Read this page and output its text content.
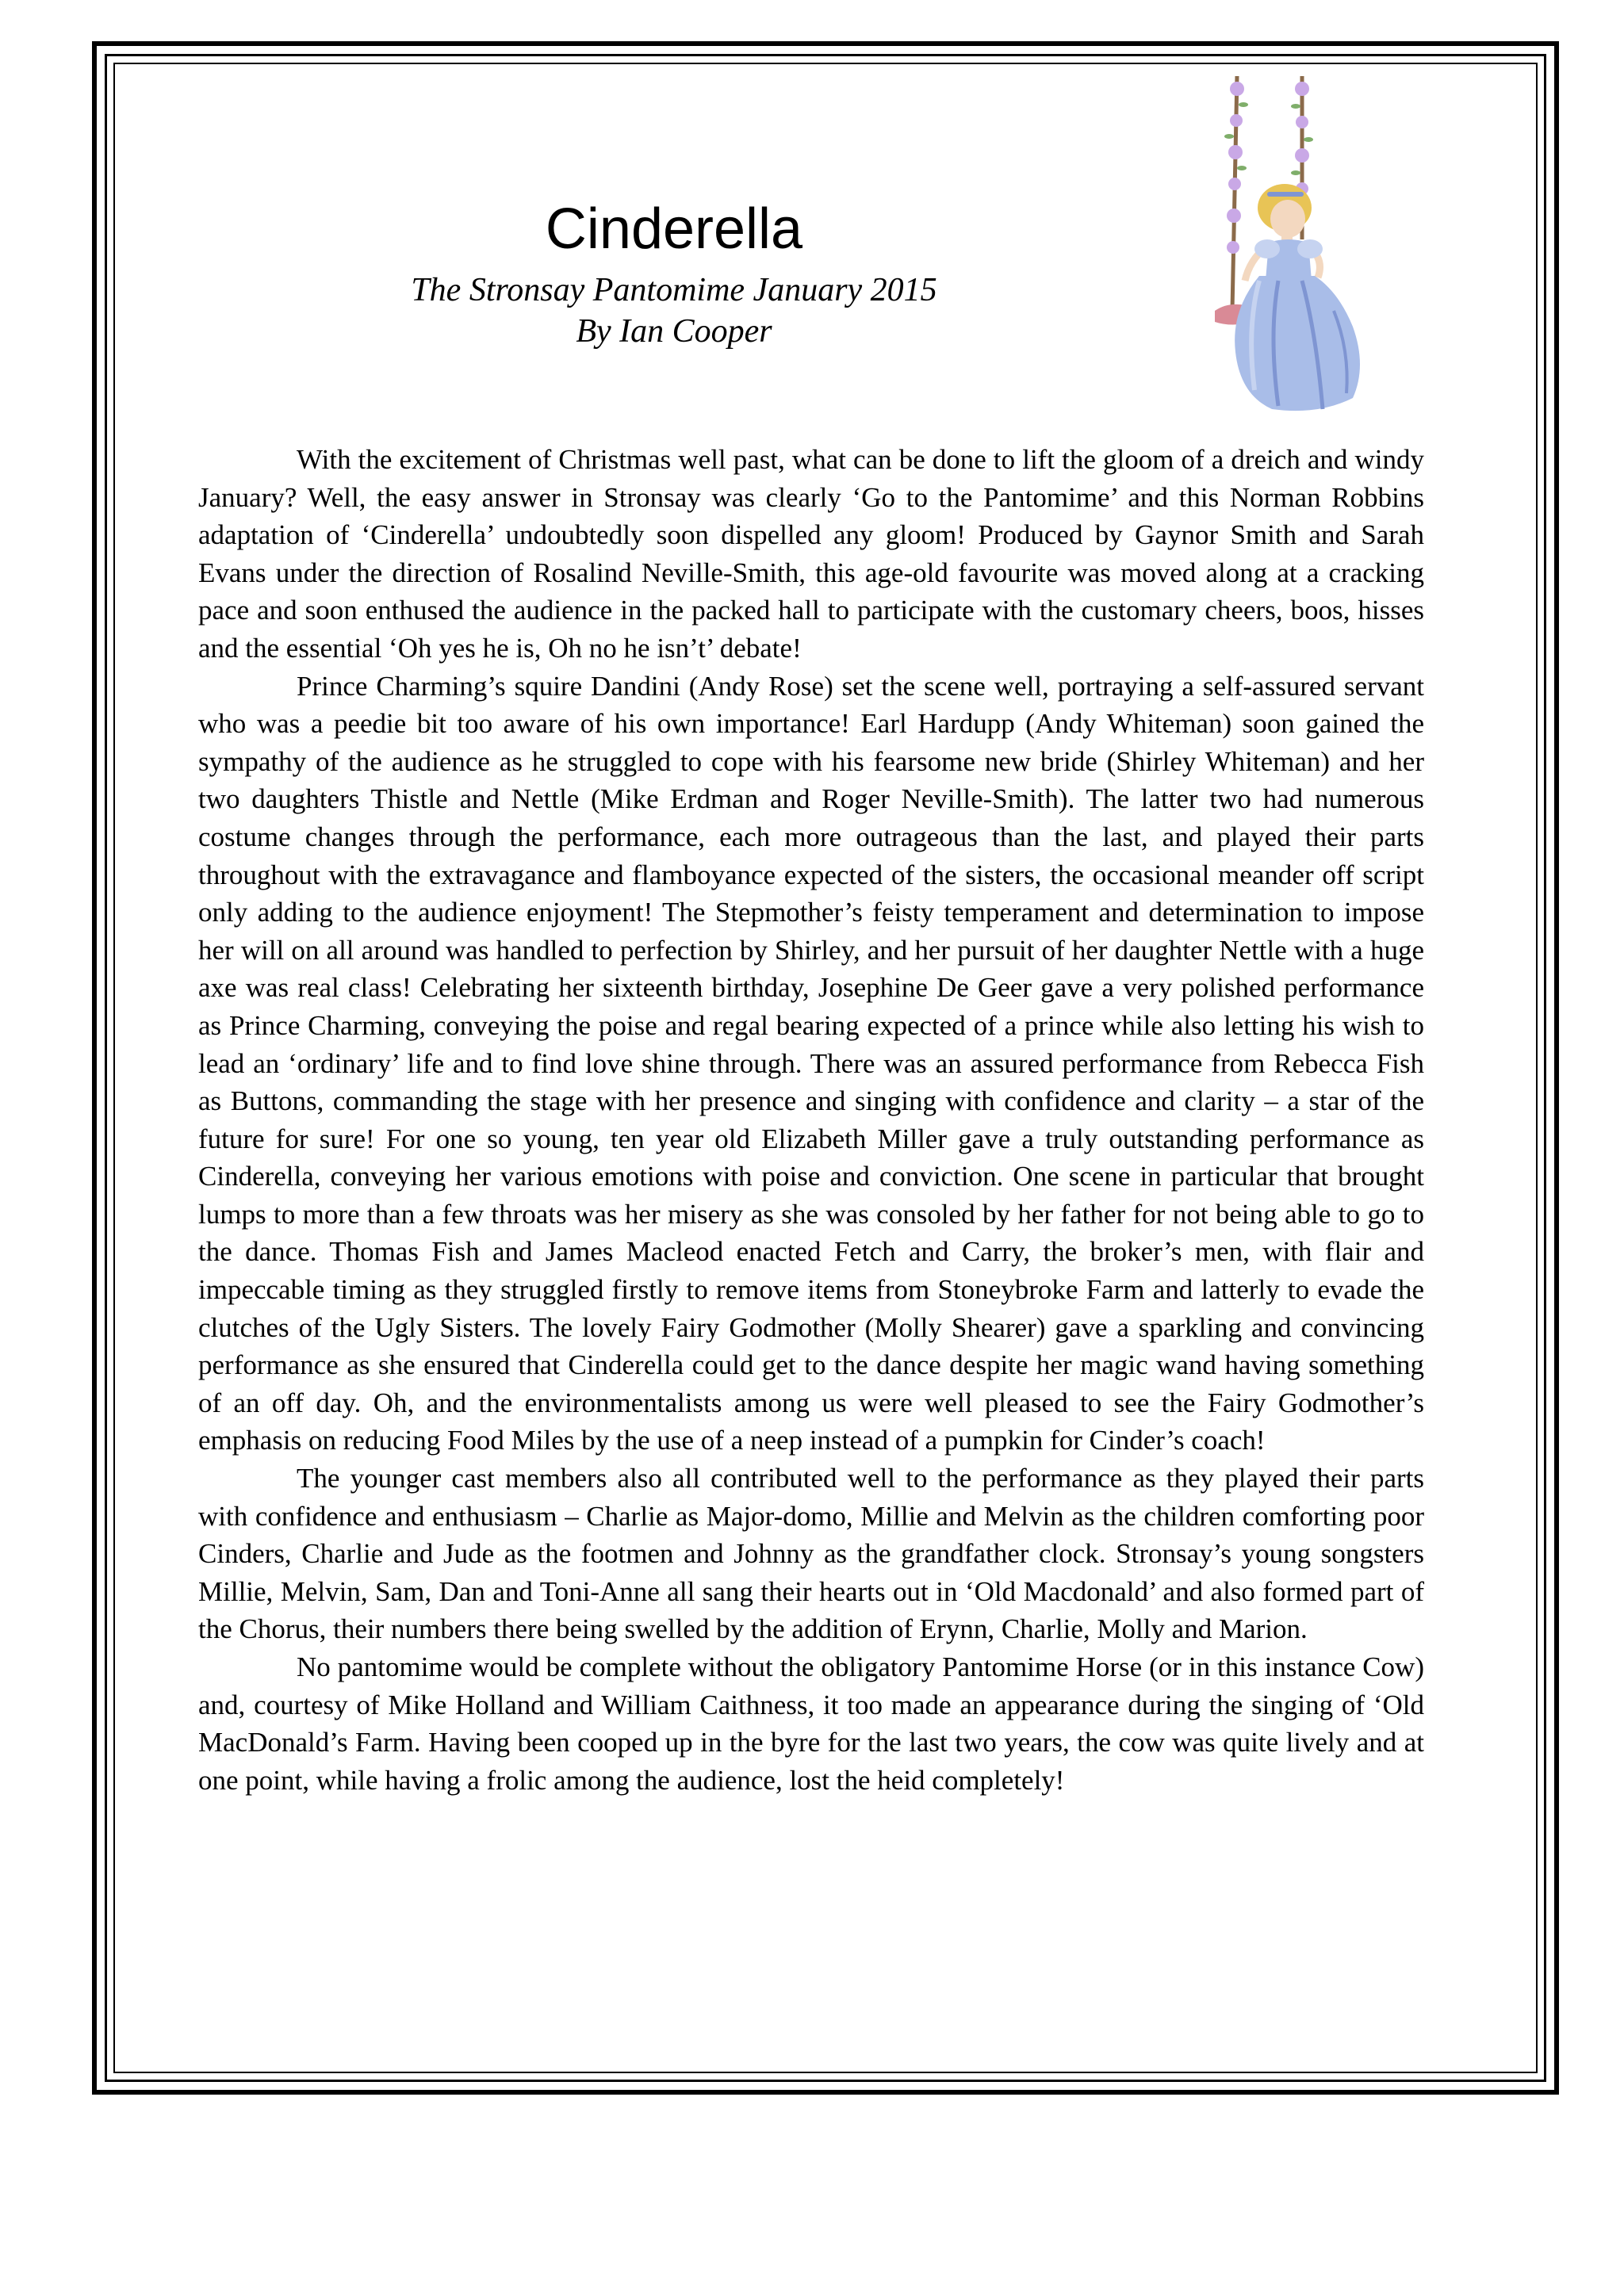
Cinderella
The Stronsay Pantomime January 2015
By Ian Cooper

With the excitement of Christmas well past, what can be done to lift the gloom of a dreich and windy January? Well, the easy answer in Stronsay was clearly ‘Go to the Pantomime’ and this Norman Robbins adaptation of ‘Cinderella’ undoubtedly soon dispelled any gloom! Produced by Gaynor Smith and Sarah Evans under the direction of Rosalind Neville-Smith, this age-old favourite was moved along at a cracking pace and soon enthused the audience in the packed hall to participate with the customary cheers, boos, hisses and the essential ‘Oh yes he is, Oh no he isn’t’ debate!

Prince Charming’s squire Dandini (Andy Rose) set the scene well, portraying a self-assured servant who was a peedie bit too aware of his own importance! Earl Hardupp (Andy Whiteman) soon gained the sympathy of the audience as he struggled to cope with his fearsome new bride (Shirley Whiteman) and her two daughters Thistle and Nettle (Mike Erdman and Roger Neville-Smith). The latter two had numerous costume changes through the performance, each more outrageous than the last, and played their parts throughout with the extravagance and flamboyance expected of the sisters, the occasional meander off script only adding to the audience enjoyment! The Stepmother’s feisty temperament and determination to impose her will on all around was handled to perfection by Shirley, and her pursuit of her daughter Nettle with a huge axe was real class! Celebrating her sixteenth birthday, Josephine De Geer gave a very polished performance as Prince Charming, conveying the poise and regal bearing expected of a prince while also letting his wish to lead an ‘ordinary’ life and to find love shine through. There was an assured performance from Rebecca Fish as Buttons, commanding the stage with her presence and singing with confidence and clarity – a star of the future for sure! For one so young, ten year old Elizabeth Miller gave a truly outstanding performance as Cinderella, conveying her various emotions with poise and conviction. One scene in particular that brought lumps to more than a few throats was her misery as she was consoled by her father for not being able to go to the dance. Thomas Fish and James Macleod enacted Fetch and Carry, the broker’s men, with flair and impeccable timing as they struggled firstly to remove items from Stoneybroke Farm and latterly to evade the clutches of the Ugly Sisters. The lovely Fairy Godmother (Molly Shearer) gave a sparkling and convincing performance as she ensured that Cinderella could get to the dance despite her magic wand having something of an off day. Oh, and the environmentalists among us were well pleased to see the Fairy Godmother’s emphasis on reducing Food Miles by the use of a neep instead of a pumpkin for Cinder’s coach!

The younger cast members also all contributed well to the performance as they played their parts with confidence and enthusiasm – Charlie as Major-domo, Millie and Melvin as the children comforting poor Cinders, Charlie and Jude as the footmen and Johnny as the grandfather clock. Stronsay’s young songsters Millie, Melvin, Sam, Dan and Toni-Anne all sang their hearts out in ‘Old Macdonald’ and also formed part of the Chorus, their numbers there being swelled by the addition of Erynn, Charlie, Molly and Marion.

No pantomime would be complete without the obligatory Pantomime Horse (or in this instance Cow) and, courtesy of Mike Holland and William Caithness, it too made an appearance during the singing of ‘Old MacDonald’s Farm. Having been cooped up in the byre for the last two years, the cow was quite lively and at one point, while having a frolic among the audience, lost the heid completely!
